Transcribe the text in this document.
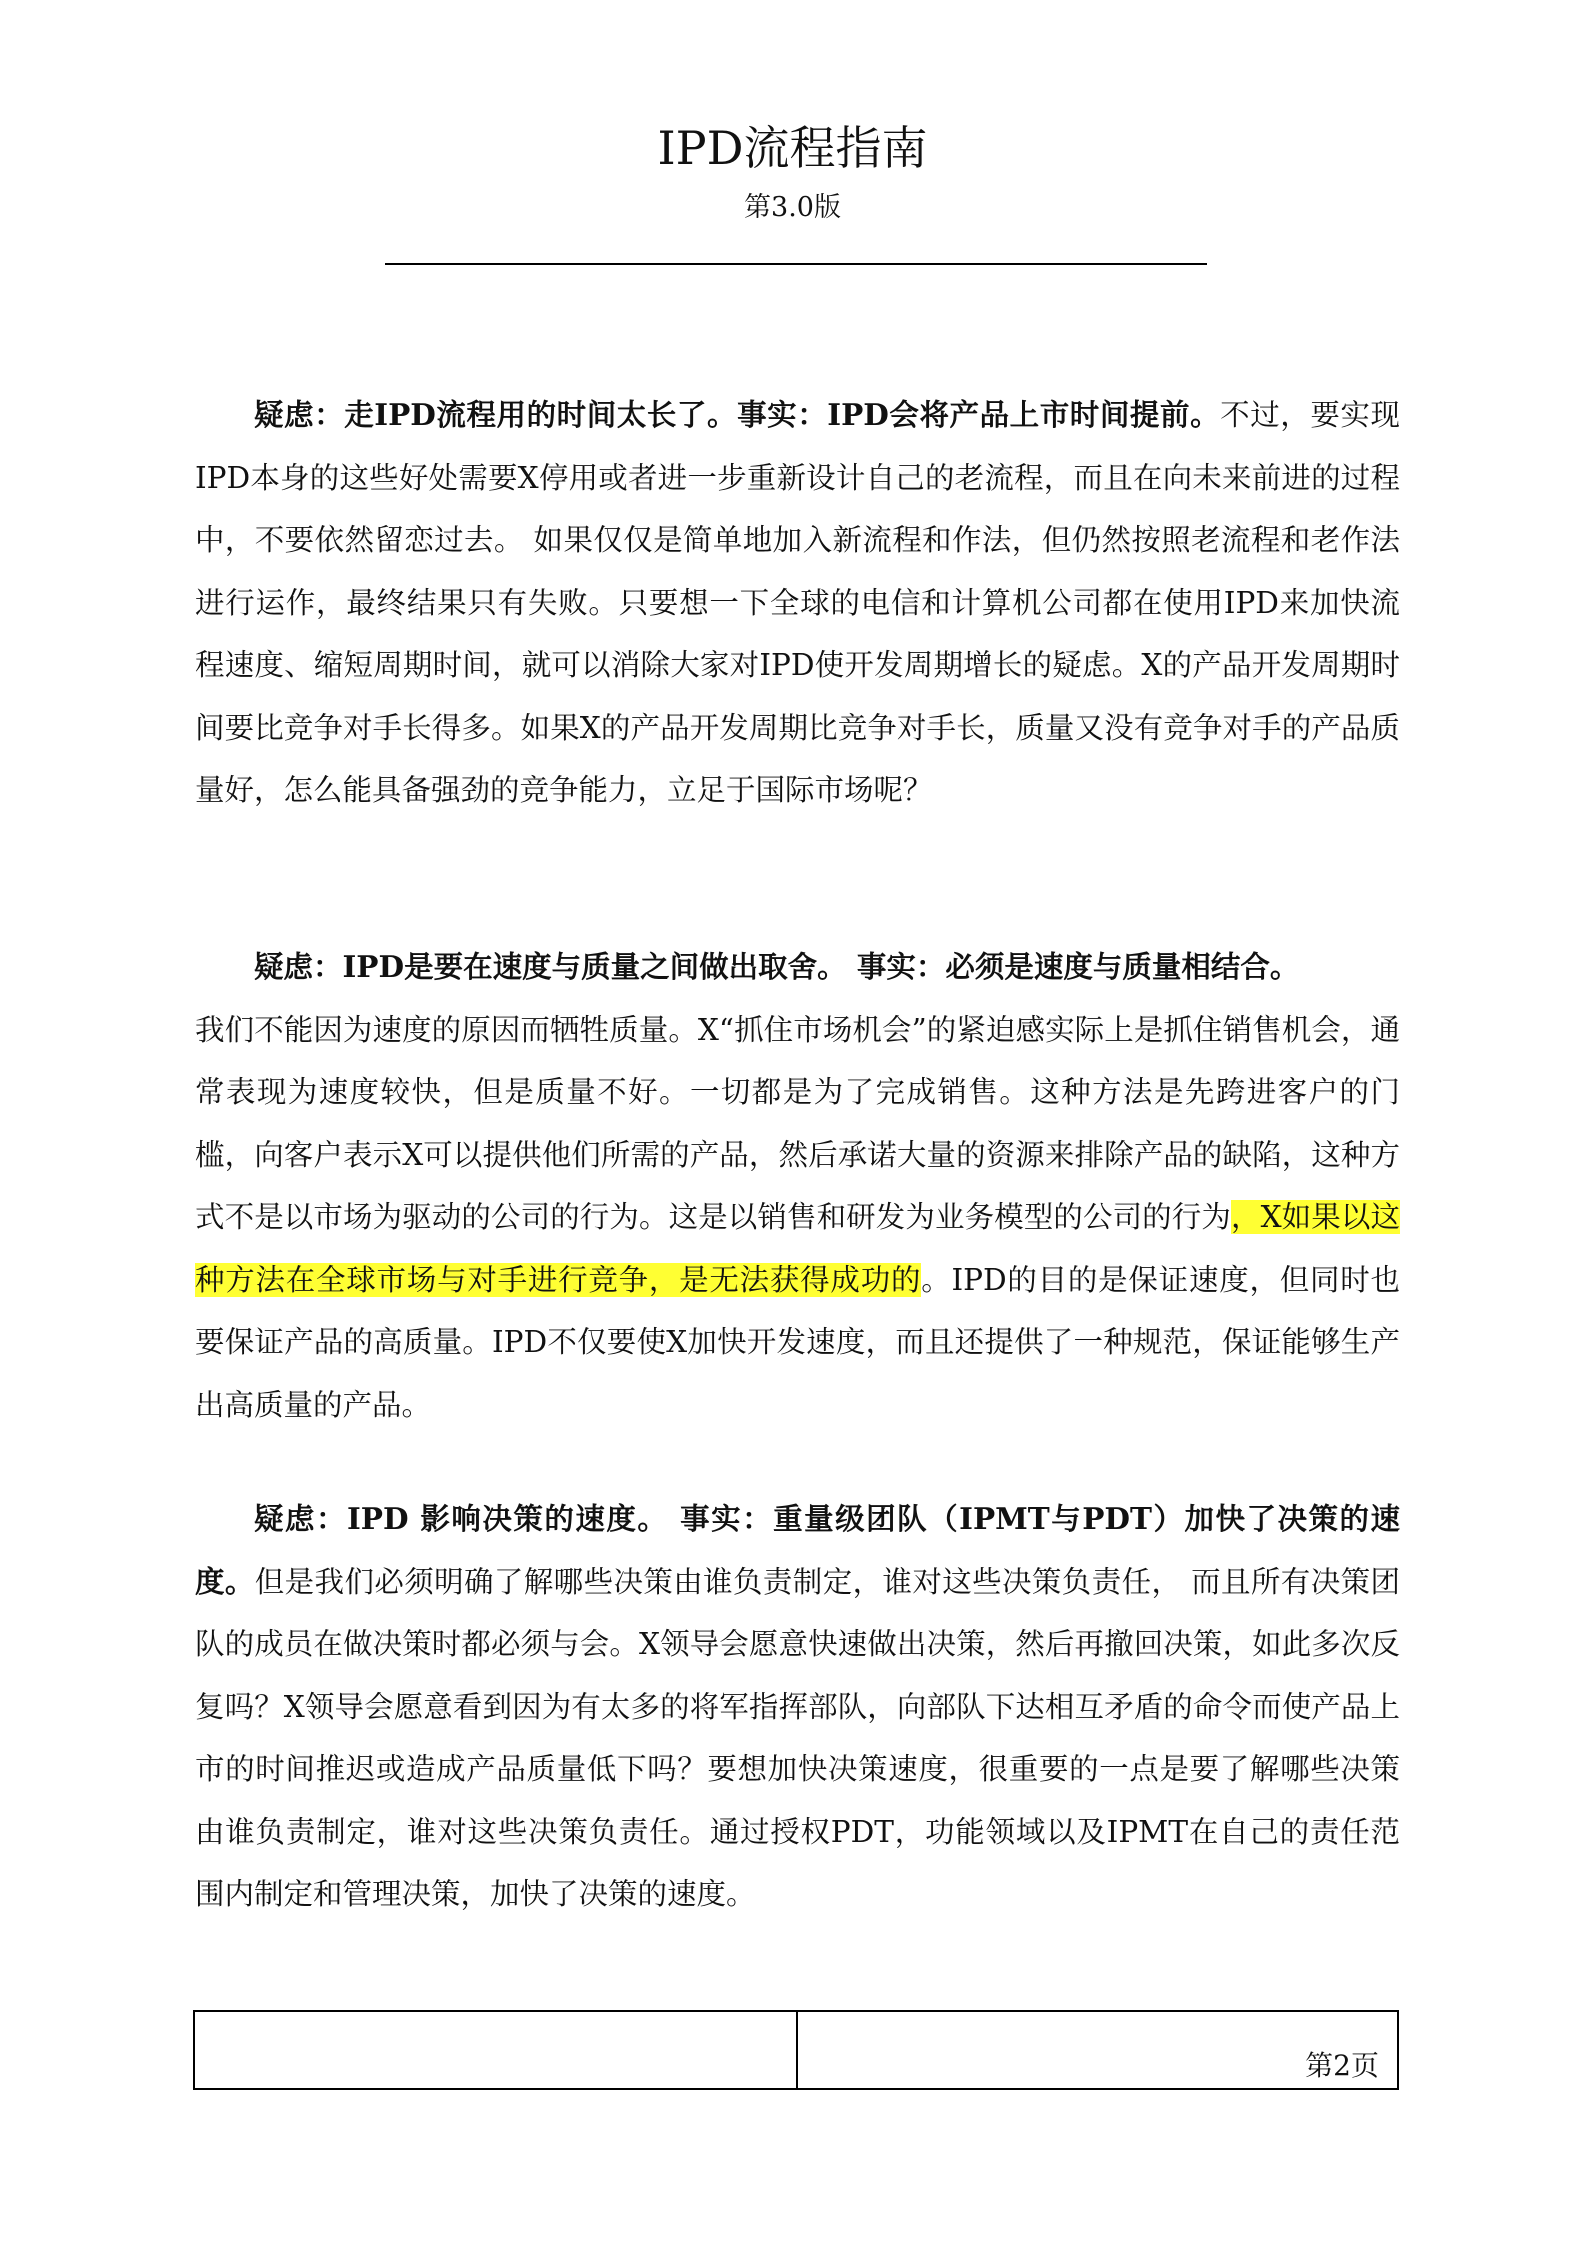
IPD流程指南
第3.0版

疑虑：走IPD流程用的时间太长了。事实：IPD会将产品上市时间提前。不过，要实现IPD本身的这些好处需要X停用或者进一步重新设计自己的老流程，而且在向未来前进的过程中，不要依然留恋过去。 如果仅仅是简单地加入新流程和作法，但仍然按照老流程和老作法进行运作，最终结果只有失败。只要想一下全球的电信和计算机公司都在使用IPD来加快流程速度、缩短周期时间，就可以消除大家对IPD使开发周期增长的疑虑。X的产品开发周期时间要比竞争对手长得多。如果X的产品开发周期比竞争对手长，质量又没有竞争对手的产品质量好，怎么能具备强劲的竞争能力，立足于国际市场呢？

疑虑：IPD是要在速度与质量之间做出取舍。 事实：必须是速度与质量相结合。
我们不能因为速度的原因而牺牲质量。X“抓住市场机会”的紧迫感实际上是抓住销售机会，通常表现为速度较快，但是质量不好。一切都是为了完成销售。这种方法是先跨进客户的门槛，向客户表示X可以提供他们所需的产品，然后承诺大量的资源来排除产品的缺陷，这种方式不是以市场为驱动的公司的行为。这是以销售和研发为业务模型的公司的行为，X如果以这种方法在全球市场与对手进行竞争，是无法获得成功的。IPD的目的是保证速度，但同时也要保证产品的高质量。IPD不仅要使X加快开发速度，而且还提供了一种规范，保证能够生产出高质量的产品。

疑虑：IPD 影响决策的速度。 事实：重量级团队（IPMT与PDT）加快了决策的速度。但是我们必须明确了解哪些决策由谁负责制定，谁对这些决策负责任， 而且所有决策团队的成员在做决策时都必须与会。X领导会愿意快速做出决策，然后再撤回决策，如此多次反复吗？X领导会愿意看到因为有太多的将军指挥部队，向部队下达相互矛盾的命令而使产品上市的时间推迟或造成产品质量低下吗？要想加快决策速度，很重要的一点是要了解哪些决策由谁负责制定，谁对这些决策负责任。通过授权PDT，功能领域以及IPMT在自己的责任范围内制定和管理决策，加快了决策的速度。

第2页
